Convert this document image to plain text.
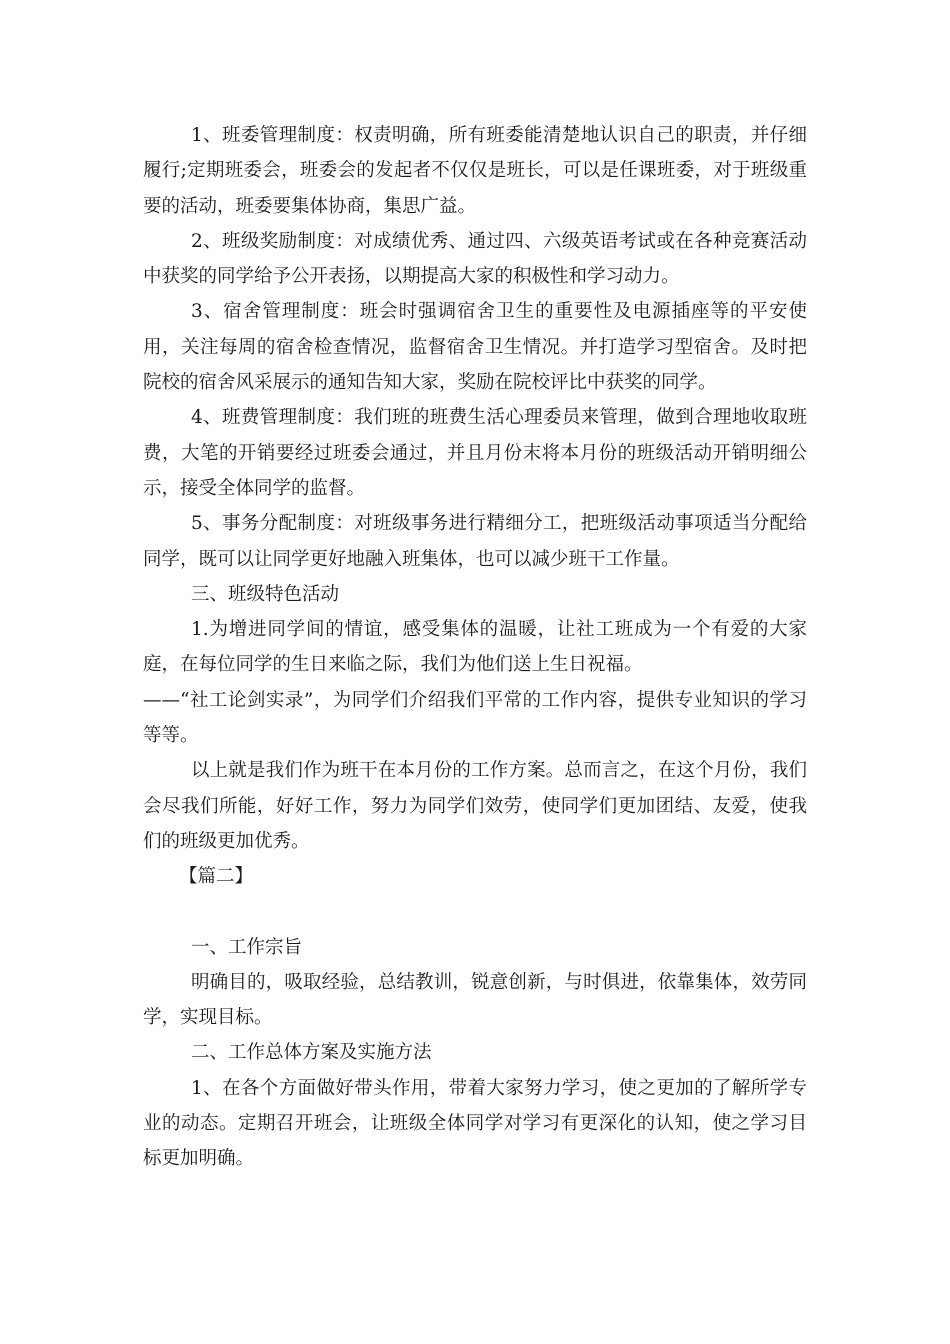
1、班委管理制度：权责明确，所有班委能清楚地认识自己的职责，并仔细履行;定期班委会，班委会的发起者不仅仅是班长，可以是任课班委，对于班级重要的活动，班委要集体协商，集思广益。

2、班级奖励制度：对成绩优秀、通过四、六级英语考试或在各种竞赛活动中获奖的同学给予公开表扬，以期提高大家的积极性和学习动力。

3、宿舍管理制度：班会时强调宿舍卫生的重要性及电源插座等的平安使用，关注每周的宿舍检查情况，监督宿舍卫生情况。并打造学习型宿舍。及时把院校的宿舍风采展示的通知告知大家，奖励在院校评比中获奖的同学。

4、班费管理制度：我们班的班费生活心理委员来管理，做到合理地收取班费，大笔的开销要经过班委会通过，并且月份末将本月份的班级活动开销明细公示，接受全体同学的监督。

5、事务分配制度：对班级事务进行精细分工，把班级活动事项适当分配给同学，既可以让同学更好地融入班集体，也可以减少班干工作量。

三、班级特色活动

1.为增进同学间的情谊，感受集体的温暖，让社工班成为一个有爱的大家庭，在每位同学的生日来临之际，我们为他们送上生日祝福。

——“社工论剑实录”，为同学们介绍我们平常的工作内容，提供专业知识的学习等等。

以上就是我们作为班干在本月份的工作方案。总而言之，在这个月份，我们会尽我们所能，好好工作，努力为同学们效劳，使同学们更加团结、友爱，使我们的班级更加优秀。

【篇二】

一、工作宗旨

明确目的，吸取经验，总结教训，锐意创新，与时俱进，依靠集体，效劳同学，实现目标。

二、工作总体方案及实施方法

1、在各个方面做好带头作用，带着大家努力学习，使之更加的了解所学专业的动态。定期召开班会，让班级全体同学对学习有更深化的认知，使之学习目标更加明确。
